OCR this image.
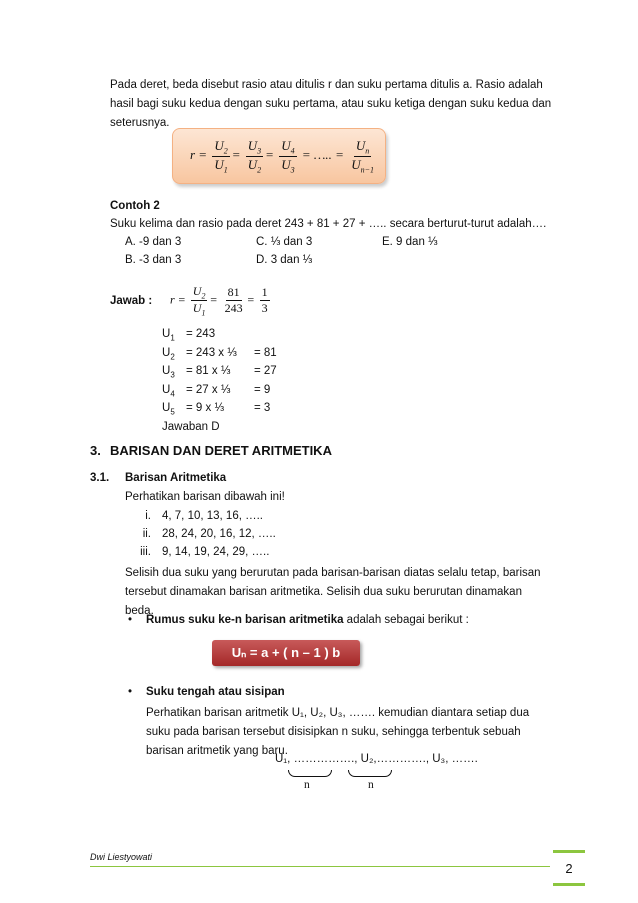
Pada deret, beda disebut rasio atau ditulis r dan suku pertama ditulis a. Rasio adalah
hasil bagi suku kedua dengan suku pertama, atau suku ketiga dengan suku kedua dan
seterusnya.
$r = \frac{U_2}{U_1} = \frac{U_3}{U_2} = \frac{U_4}{U_3}$ = ….. = $\frac{U_n}{U_{n-1}}$
Contoh 2
Suku kelima dan rasio pada deret 243 + 81 + 27 + ….. secara berturut-turut adalah….
A. -9 dan 3	C. ⅓ dan 3	E. 9 dan ⅓
B. -3 dan 3	D. 3 dan ⅓
Jawab : $r = \frac{U_2}{U_1} = \frac{81}{243} = \frac{1}{3}$
$U_1 = 243$
$U_2 = 243$ x ⅓ = 81
$U_3 = 81$ x ⅓ = 27
$U_4 = 27$ x ⅓ = 9
$U_5 = 9$ x ⅓	= 3
Jawaban D
3. BARISAN DAN DERET ARITMETIKA
3.1. Barisan Aritmetika
Perhatikan barisan dibawah ini!
i. 4, 7, 10, 13, 16, …..
ii. 28, 24, 20, 16, 12, …..
iii. 9, 14, 19, 24, 29, …..
Selisih dua suku yang berurutan pada barisan-barisan diatas selalu tetap, barisan
tersebut dinamakan barisan aritmetika. Selisih dua suku berurutan dinamakan
beda.
• Rumus suku ke-n barisan aritmetika adalah sebagai berikut :
Uₙ = a + ( n – 1 ) b
• Suku tengah atau sisipan
Perhatikan barisan aritmetik U₁, U₂, U₃, ……. kemudian diantara setiap dua
suku pada barisan tersebut disisipkan n suku, sehingga terbentuk sebuah
barisan aritmetik yang baru.
U₁, ……………., U₂,…………., U₃, …….
n	n
Dwi Liestyowati
2
